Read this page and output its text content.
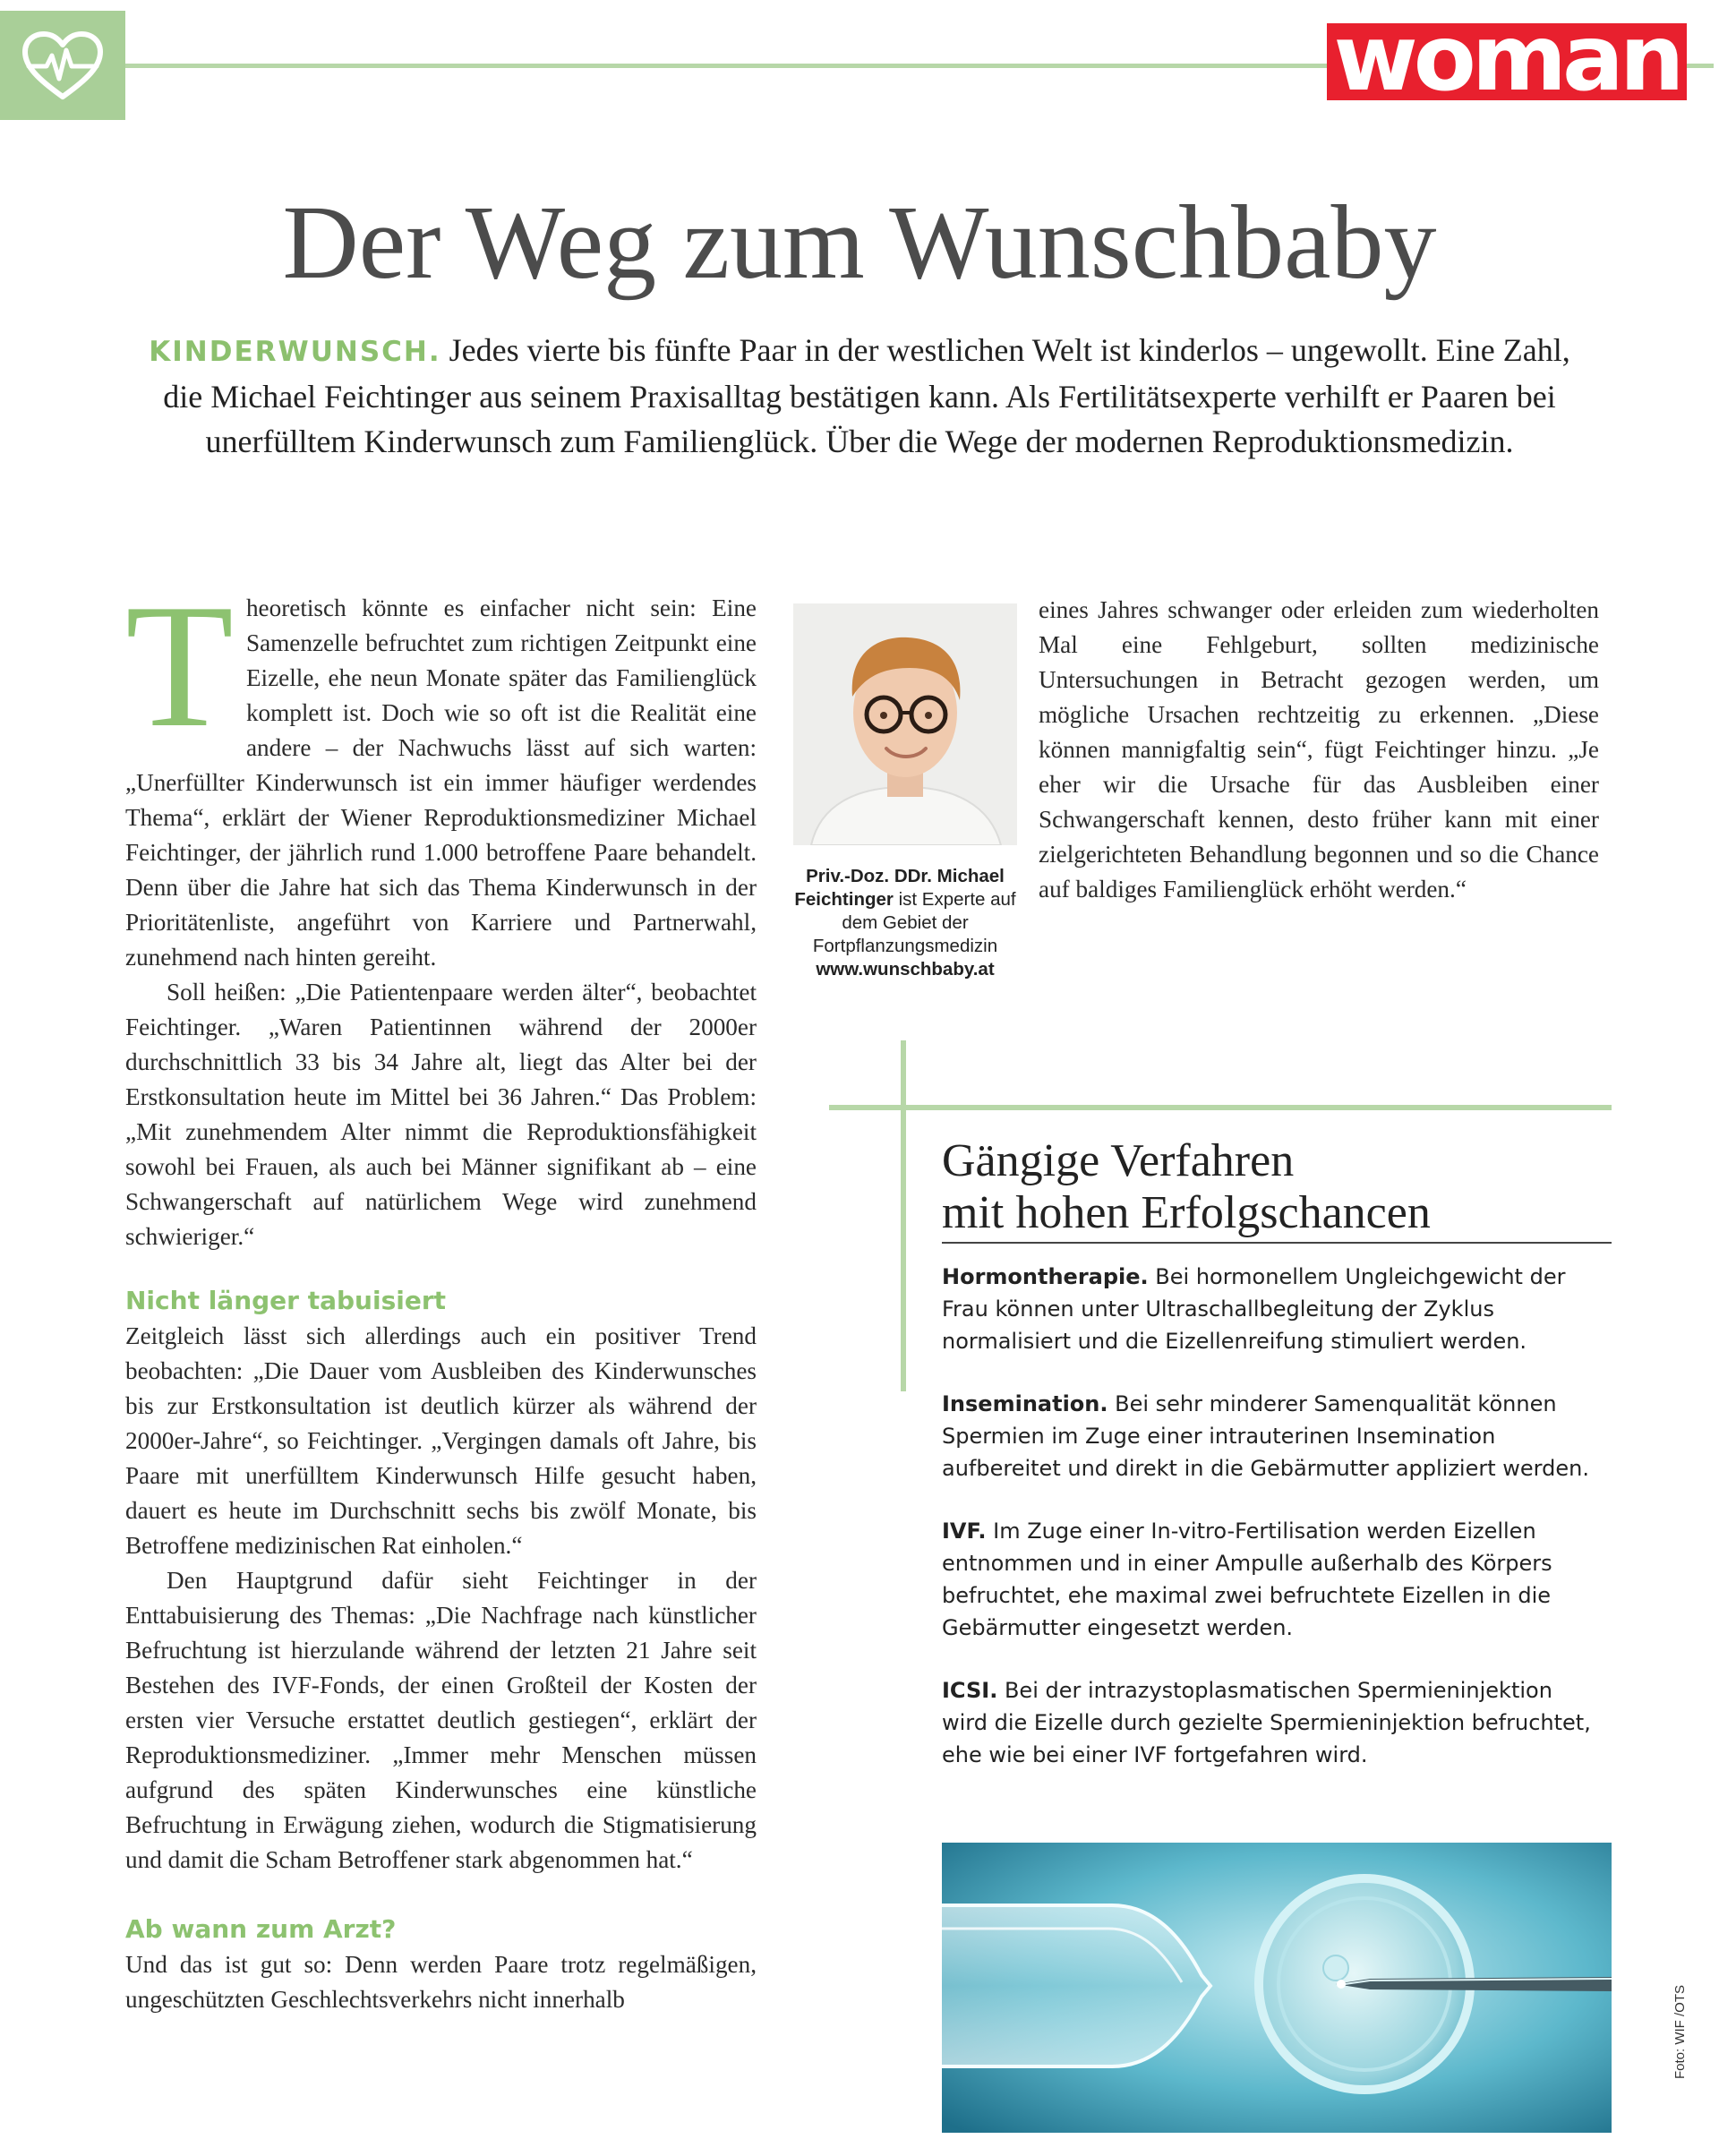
woman
Der Weg zum Wunschbaby
KINDERWUNSCH. Jedes vierte bis fünfte Paar in der westlichen Welt ist kinderlos – ungewollt. Eine Zahl, die Michael Feichtinger aus seinem Praxisalltag bestätigen kann. Als Fertilitätsexperte verhilft er Paaren bei unerfülltem Kinderwunsch zum Familienglück. Über die Wege der modernen Reproduktionsmedizin.
T heoretisch könnte es einfacher nicht sein: Eine Samenzelle befruchtet zum richtigen Zeitpunkt eine Eizelle, ehe neun Monate später das Familienglück komplett ist. Doch wie so oft ist die Realität eine andere – der Nachwuchs lässt auf sich warten: „Unerfüllter Kinderwunsch ist ein immer häufiger werdendes Thema“, erklärt der Wiener Reproduktionsmediziner Michael Feichtinger, der jährlich rund 1.000 betroffene Paare behandelt. Denn über die Jahre hat sich das Thema Kinderwunsch in der Prioritätenliste, angeführt von Karriere und Partnerwahl, zunehmend nach hinten gereiht.

Soll heißen: „Die Patientenpaare werden älter“, beobachtet Feichtinger. „Waren Patientinnen während der 2000er durchschnittlich 33 bis 34 Jahre alt, liegt das Alter bei der Erstkonsultation heute im Mittel bei 36 Jahren.“ Das Problem: „Mit zunehmendem Alter nimmt die Reproduktionsfähigkeit sowohl bei Frauen, als auch bei Männer signifikant ab – eine Schwangerschaft auf natürlichem Wege wird zunehmend schwieriger.“

Nicht länger tabuisiert

Zeitgleich lässt sich allerdings auch ein positiver Trend beobachten: „Die Dauer vom Ausbleiben des Kinderwunsches bis zur Erstkonsultation ist deutlich kürzer als während der 2000er-Jahre“, so Feichtinger. „Vergingen damals oft Jahre, bis Paare mit unerfülltem Kinderwunsch Hilfe gesucht haben, dauert es heute im Durchschnitt sechs bis zwölf Monate, bis Betroffene medizinischen Rat einholen.“

Den Hauptgrund dafür sieht Feichtinger in der Enttabuisierung des Themas: „Die Nachfrage nach künstlicher Befruchtung ist hierzulande während der letzten 21 Jahre seit Bestehen des IVF-Fonds, der einen Großteil der Kosten der ersten vier Versuche erstattet deutlich gestiegen“, erklärt der Reproduktionsmediziner. „Immer mehr Menschen müssen aufgrund des späten Kinderwunsches eine künstliche Befruchtung in Erwägung ziehen, wodurch die Stigmatisierung und damit die Scham Betroffener stark abgenommen hat.“

Ab wann zum Arzt?

Und das ist gut so: Denn werden Paare trotz regelmäßigen, ungeschützten Geschlechtsverkehrs nicht innerhalb

Priv.-Doz. DDr. Michael Feichtinger ist Experte auf dem Gebiet der Fortpflanzungsmedizin
www.wunschbaby.at

eines Jahres schwanger oder erleiden zum wiederholten Mal eine Fehlgeburt, sollten medizinische Untersuchungen in Betracht gezogen werden, um mögliche Ursachen rechtzeitig zu erkennen. „Diese können mannigfaltig sein“, fügt Feichtinger hinzu. „Je eher wir die Ursache für das Ausbleiben einer Schwangerschaft kennen, desto früher kann mit einer zielgerichteten Behandlung begonnen und so die Chance auf baldiges Familienglück erhöht werden.“

Gängige Verfahren
mit hohen Erfolgschancen
Hormontherapie. Bei hormonellem Ungleichgewicht der Frau können unter Ultraschallbegleitung der Zyklus normalisiert und die Eizellenreifung stimuliert werden.
Insemination. Bei sehr minderer Samenqualität können Spermien im Zuge einer intrauterinen Insemination aufbereitet und direkt in die Gebärmutter appliziert werden.
IVF. Im Zuge einer In-vitro-Fertilisation werden Eizellen entnommen und in einer Ampulle außerhalb des Körpers befruchtet, ehe maximal zwei befruchtete Eizellen in die Gebärmutter eingesetzt werden.
ICSI. Bei der intrazystoplasmatischen Spermieninjektion wird die Eizelle durch gezielte Spermieninjektion befruchtet, ehe wie bei einer IVF fortgefahren wird.
Foto: WIF /OTS
